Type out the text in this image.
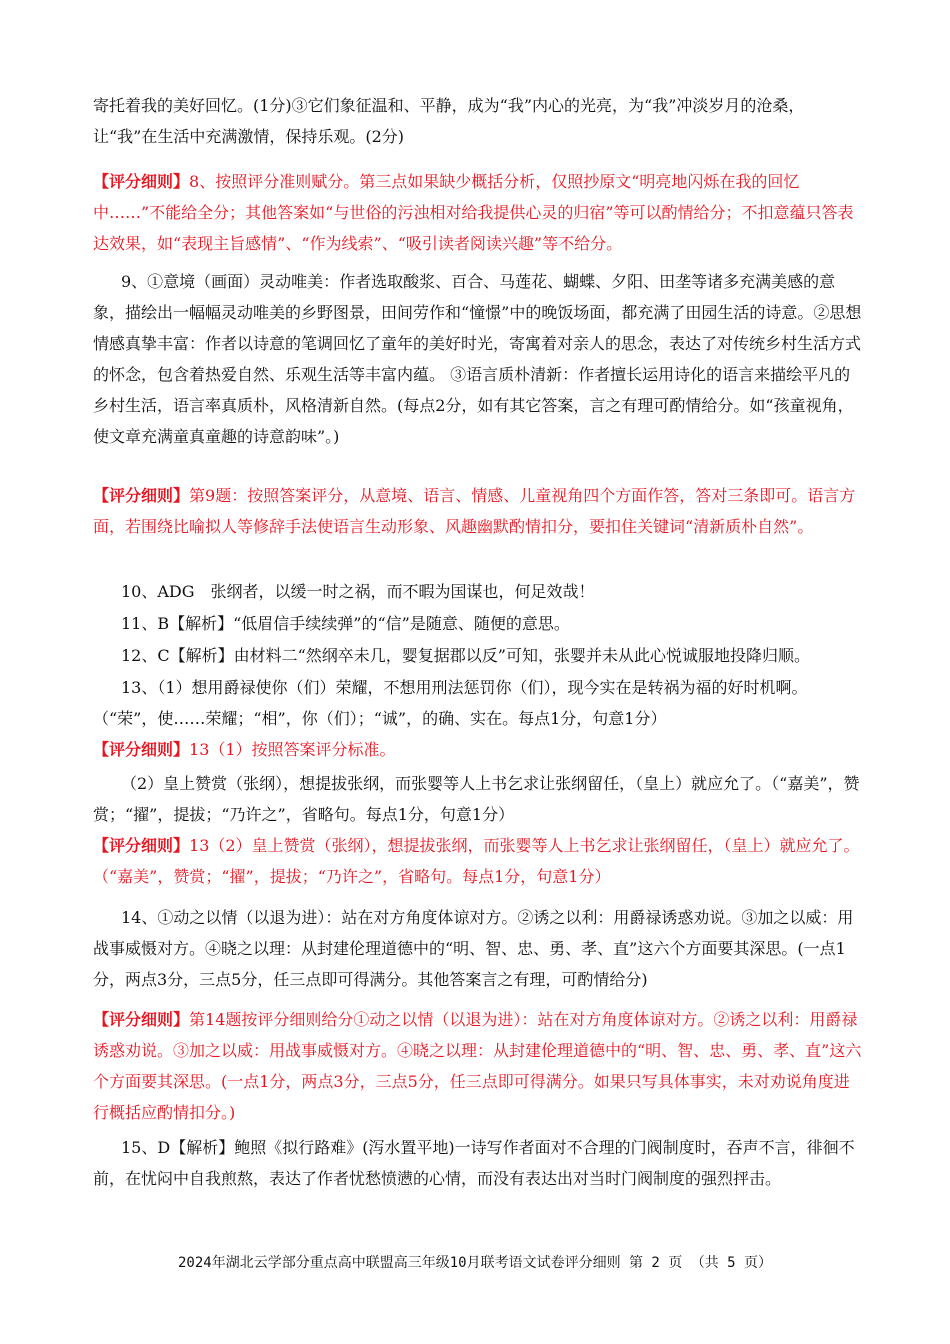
寄托着我的美好回忆。(1分)③它们象征温和、平静，成为“我”内心的光亮，为“我”冲淡岁月的沧桑，让“我”在生活中充满激情，保持乐观。(2分)

【评分细则】8、按照评分准则赋分。第三点如果缺少概括分析，仅照抄原文“明亮地闪烁在我的回忆中……”不能给全分；其他答案如“与世俗的污浊相对给我提供心灵的归宿”等可以酌情给分；不扣意蕴只答表达效果，如“表现主旨感情”、“作为线索”、“吸引读者阅读兴趣”等不给分。

9、①意境（画面）灵动唯美：作者选取酸浆、百合、马莲花、蝴蝶、夕阳、田垄等诸多充满美感的意象，描绘出一幅幅灵动唯美的乡野图景，田间劳作和“憧憬”中的晚饭场面，都充满了田园生活的诗意。②思想情感真挚丰富：作者以诗意的笔调回忆了童年的美好时光，寄寓着对亲人的思念，表达了对传统乡村生活方式的怀念，包含着热爱自然、乐观生活等丰富内蕴。 ③语言质朴清新：作者擅长运用诗化的语言来描绘平凡的乡村生活，语言率真质朴，风格清新自然。(每点2分，如有其它答案，言之有理可酌情给分。如“孩童视角，使文章充满童真童趣的诗意韵味”。)

【评分细则】第9题：按照答案评分，从意境、语言、情感、儿童视角四个方面作答，答对三条即可。语言方面，若围绕比喻拟人等修辞手法使语言生动形象、风趣幽默酌情扣分，要扣住关键词“清新质朴自然”。

10、ADG　张纲者，以缓一时之祸，而不暇为国谋也，何足效哉！

11、B【解析】“低眉信手续续弹”的“信”是随意、随便的意思。

12、C【解析】由材料二“然纲卒未几，婴复据郡以反”可知，张婴并未从此心悦诚服地投降归顺。

13、（1）想用爵禄使你（们）荣耀，不想用刑法惩罚你（们），现今实在是转祸为福的好时机啊。（“荣”，使……荣耀；“相”，你（们）；“诚”，的确、实在。每点1分，句意1分）

【评分细则】13（1）按照答案评分标准。

（2）皇上赞赏（张纲），想提拔张纲，而张婴等人上书乞求让张纲留任，（皇上）就应允了。（“嘉美”，赞赏；“擢”，提拔；“乃许之”，省略句。每点1分，句意1分）

【评分细则】13（2）皇上赞赏（张纲），想提拔张纲，而张婴等人上书乞求让张纲留任，（皇上）就应允了。（“嘉美”，赞赏；“擢”，提拔；“乃许之”，省略句。每点1分，句意1分）

14、①动之以情（以退为进）：站在对方角度体谅对方。②诱之以利：用爵禄诱惑劝说。③加之以威：用战事威慑对方。④晓之以理：从封建伦理道德中的“明、智、忠、勇、孝、直”这六个方面要其深思。(一点1分，两点3分，三点5分，任三点即可得满分。其他答案言之有理，可酌情给分)

【评分细则】第14题按评分细则给分①动之以情（以退为进）：站在对方角度体谅对方。②诱之以利：用爵禄诱惑劝说。③加之以威：用战事威慑对方。④晓之以理：从封建伦理道德中的“明、智、忠、勇、孝、直”这六个方面要其深思。(一点1分，两点3分，三点5分，任三点即可得满分。如果只写具体事实，未对劝说角度进行概括应酌情扣分。)

15、D【解析】鲍照《拟行路难》(泻水置平地)一诗写作者面对不合理的门阀制度时，吞声不言，徘徊不前，在忧闷中自我煎熬，表达了作者忧愁愤懑的心情，而没有表达出对当时门阀制度的强烈抨击。

2024年湖北云学部分重点高中联盟高三年级10月联考语文试卷评分细则 第 2 页 （共 5 页）
